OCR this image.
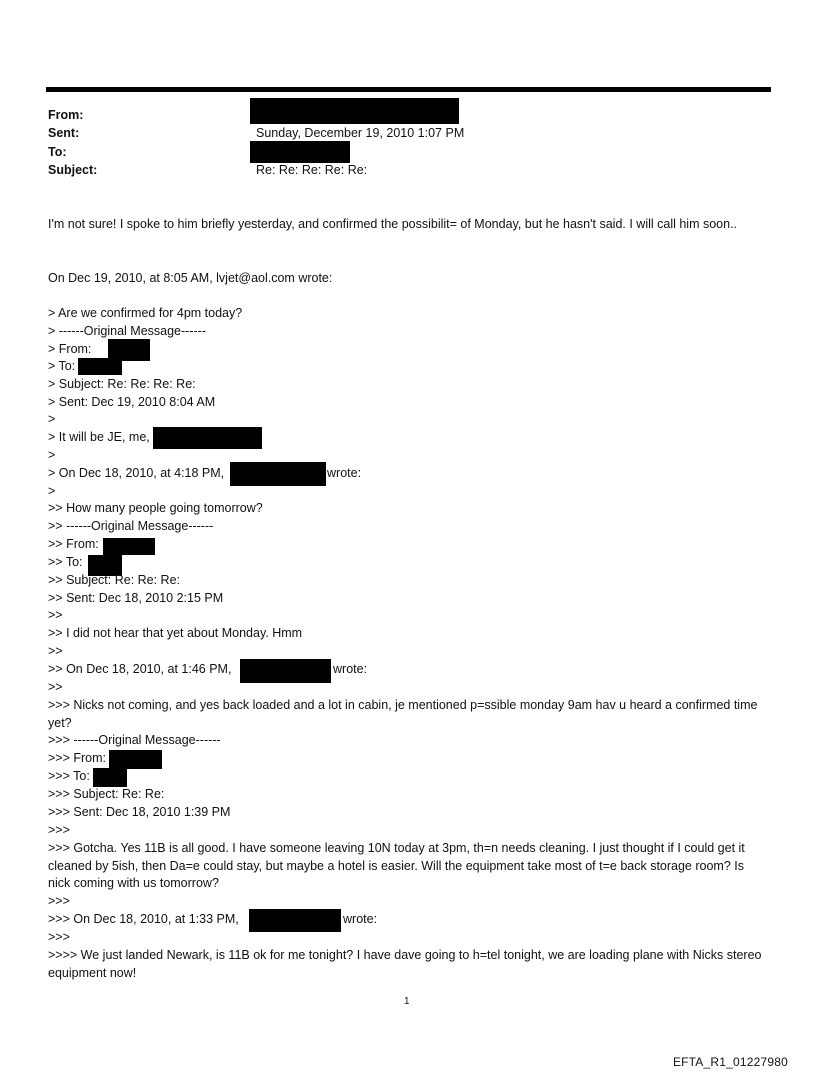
From:
Sent:	Sunday, December 19, 2010 1:07 PM
To:
Subject:	Re: Re: Re: Re: Re:
I'm not sure! I spoke to him briefly yesterday, and confirmed the possibilit= of Monday, but he hasn't said. I will call him soon..
On Dec 19, 2010, at 8:05 AM, lvjet@aol.com wrote:
> Are we confirmed for 4pm today?
> ------Original Message------
> From:
> To:
> Subject: Re: Re: Re: Re:
> Sent: Dec 19, 2010 8:04 AM
>
> It will be JE, me,
>
> On Dec 18, 2010, at 4:18 PM,	wrote:
>
>> How many people going tomorrow?
>> ------Original Message------
>> From:
>> To:
>> Subject: Re: Re: Re:
>> Sent: Dec 18, 2010 2:15 PM
>>
>> I did not hear that yet about Monday. Hmm
>>
>> On Dec 18, 2010, at 1:46 PM,	wrote:
>>
>>> Nicks not coming, and yes back loaded and a lot in cabin, je mentioned p=ssible monday 9am hav u heard a confirmed time yet?
>>> ------Original Message------
>>> From:
>>> To:
>>> Subject: Re: Re:
>>> Sent: Dec 18, 2010 1:39 PM
>>>
>>> Gotcha. Yes 11B is all good. I have someone leaving 10N today at 3pm, th=n needs cleaning. I just thought if I could get it cleaned by 5ish, then Da=e could stay, but maybe a hotel is easier. Will the equipment take most of t=e back storage room? Is nick coming with us tomorrow?
>>>
>>> On Dec 18, 2010, at 1:33 PM,	wrote:
>>>
>>>> We just landed Newark, is 11B ok for me tonight? I have dave going to h=tel tonight, we are loading plane with Nicks stereo equipment now!
1
EFTA_R1_01227980
